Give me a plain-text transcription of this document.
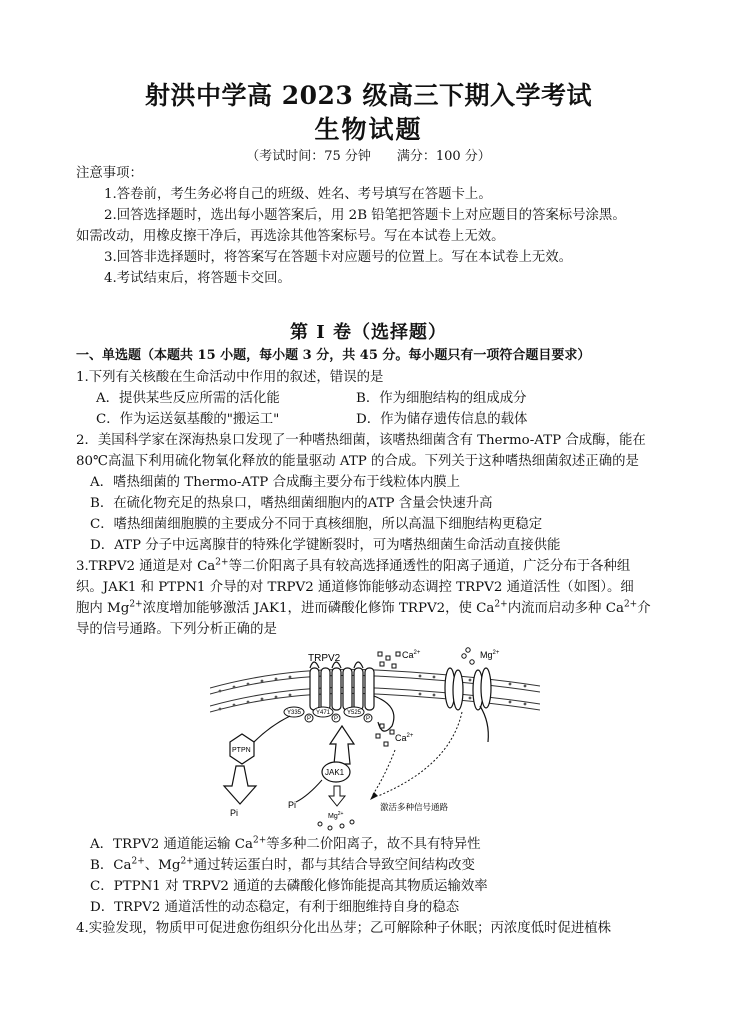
射洪中学高 2023 级高三下期入学考试
生物试题
（考试时间：75 分钟　　满分：100 分）
注意事项：
1.答卷前，考生务必将自己的班级、姓名、考号填写在答题卡上。
2.回答选择题时，选出每小题答案后，用 2B 铅笔把答题卡上对应题目的答案标号涂黑。
如需改动，用橡皮擦干净后，再选涂其他答案标号。写在本试卷上无效。
3.回答非选择题时，将答案写在答题卡对应题号的位置上。写在本试卷上无效。
4.考试结束后，将答题卡交回。
第 I 卷（选择题）
一、单选题（本题共 15 小题，每小题 3 分，共 45 分。每小题只有一项符合题目要求）
1.下列有关核酸在生命活动中作用的叙述，错误的是
A．提供某些反应所需的活化能	B．作为细胞结构的组成成分
C．作为运送氨基酸的"搬运工"	D．作为储存遗传信息的载体
2．美国科学家在深海热泉口发现了一种嗜热细菌，该嗜热细菌含有 Thermo-ATP 合成酶，能在
80℃高温下利用硫化物氧化释放的能量驱动 ATP 的合成。下列关于这种嗜热细菌叙述正确的是
A．嗜热细菌的 Thermo-ATP 合成酶主要分布于线粒体内膜上
B．在硫化物充足的热泉口，嗜热细菌细胞内的ATP 含量会快速升高
C．嗜热细菌细胞膜的主要成分不同于真核细胞，所以高温下细胞结构更稳定
D．ATP 分子中远离腺苷的特殊化学键断裂时，可为嗜热细菌生命活动直接供能
3.TRPV2 通道是对 $Ca^{2+}$等二价阳离子具有较高选择通透性的阳离子通道，广泛分布于各种组
织。JAK1 和 PTPN1 介导的对 TRPV2 通道修饰能够动态调控 TRPV2 通道活性（如图）。细
胞内 $Mg^{2+}$浓度增加能够激活 JAK1，进而磷酸化修饰 TRPV2，使 $Ca^{2+}$内流而启动多种 $Ca^{2+}$介
导的信号通路。下列分析正确的是
TRPV2	$Ca^{2+}$
Y335
P
Y471
P
Y525
P
$Ca^{2+}$
$Mg^{2+}$
激活多种信号通路
PTPN
Pi
JAK1
Pi
$Mg^{2+}$
A．TRPV2 通道能运输 $Ca^{2+}$等多种二价阳离子，故不具有特异性
B．$Ca^{2+}$、$Mg^{2+}$通过转运蛋白时，都与其结合导致空间结构改变
C．PTPN1 对 TRPV2 通道的去磷酸化修饰能提高其物质运输效率
D．TRPV2 通道活性的动态稳定，有利于细胞维持自身的稳态
4.实验发现，物质甲可促进愈伤组织分化出丛芽；乙可解除种子休眠；丙浓度低时促进植株
